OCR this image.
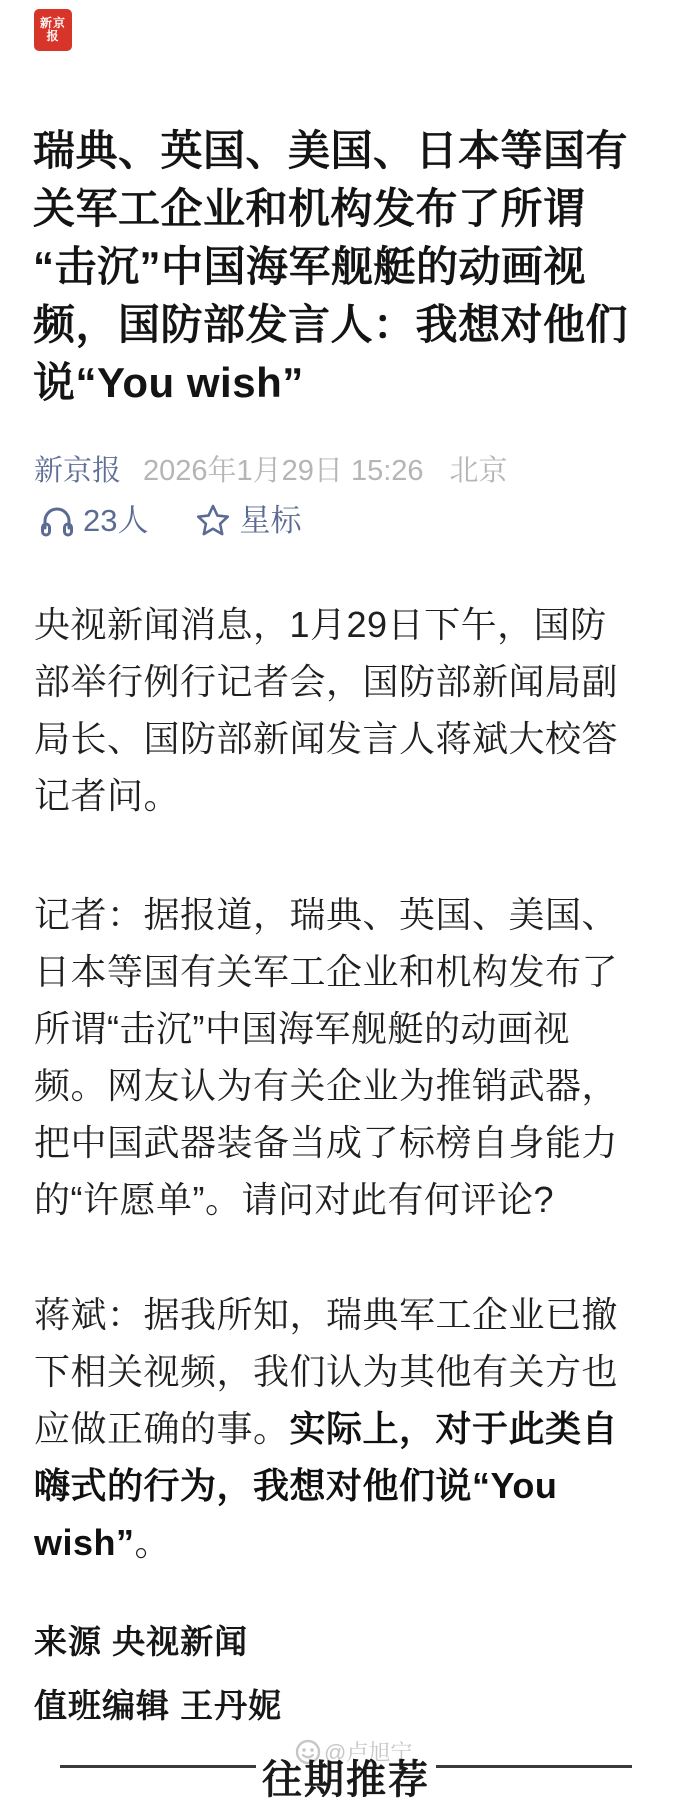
新京报
瑞典、英国、美国、日本等国有
关军工企业和机构发布了所谓
“击沉”中国海军舰艇的动画视
频，国防部发言人：我想对他们
说“You wish”
新京报 2026年1月29日 15:26 北京
23人	星标
央视新闻消息，1月29日下午，国防
部举行例行记者会，国防部新闻局副
局长、国防部新闻发言人蒋斌大校答
记者问。
记者：据报道，瑞典、英国、美国、
日本等国有关军工企业和机构发布了
所谓“击沉”中国海军舰艇的动画视
频。网友认为有关企业为推销武器，
把中国武器装备当成了标榜自身能力
的“许愿单”。请问对此有何评论?
蒋斌：据我所知，瑞典军工企业已撤
下相关视频，我们认为其他有关方也
应做正确的事。实际上，对于此类自
嗨式的行为，我想对他们说“You
wish”。
来源 央视新闻
值班编辑 王丹妮
@卢旭宁
往期推荐
